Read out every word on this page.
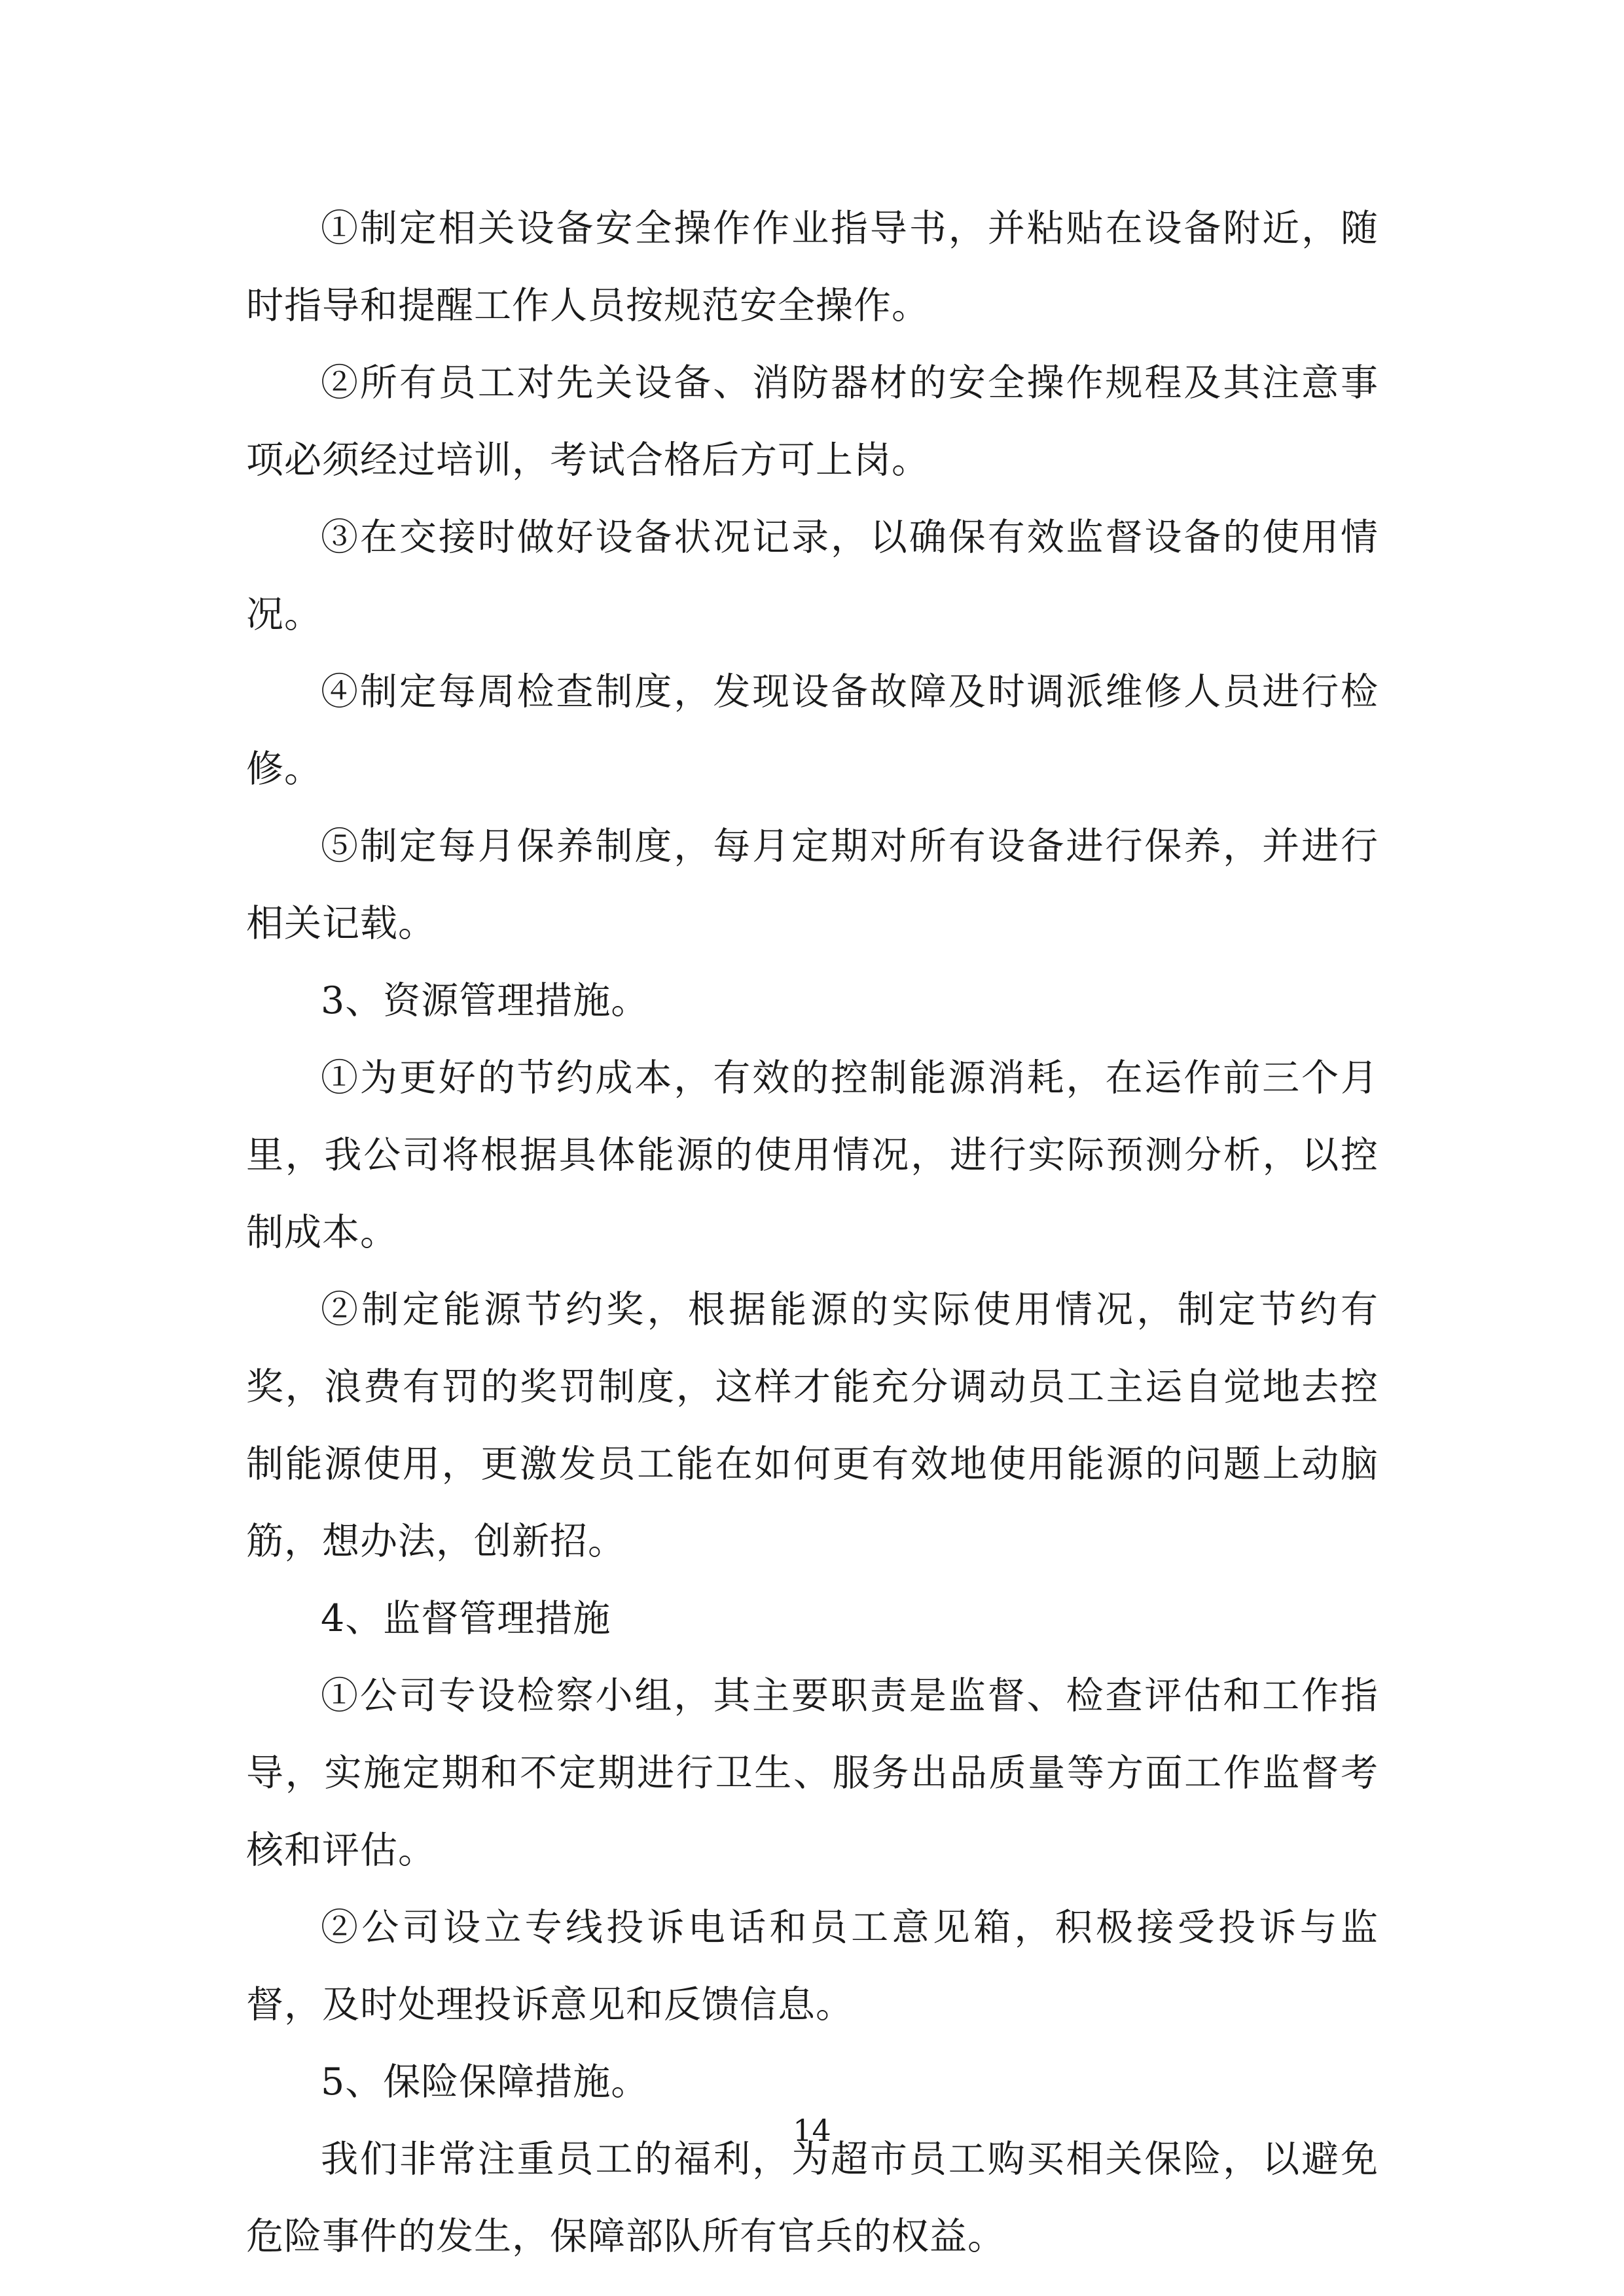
①制定相关设备安全操作作业指导书，并粘贴在设备附近，随时指导和提醒工作人员按规范安全操作。

②所有员工对先关设备、消防器材的安全操作规程及其注意事项必须经过培训，考试合格后方可上岗。

③在交接时做好设备状况记录，以确保有效监督设备的使用情况。

④制定每周检查制度，发现设备故障及时调派维修人员进行检修。

⑤制定每月保养制度，每月定期对所有设备进行保养，并进行相关记载。

3、资源管理措施。

①为更好的节约成本，有效的控制能源消耗，在运作前三个月里，我公司将根据具体能源的使用情况，进行实际预测分析，以控制成本。

②制定能源节约奖，根据能源的实际使用情况，制定节约有奖，浪费有罚的奖罚制度，这样才能充分调动员工主运自觉地去控制能源使用，更激发员工能在如何更有效地使用能源的问题上动脑筋，想办法，创新招。

4、监督管理措施

①公司专设检察小组，其主要职责是监督、检查评估和工作指导，实施定期和不定期进行卫生、服务出品质量等方面工作监督考核和评估。

②公司设立专线投诉电话和员工意见箱，积极接受投诉与监督，及时处理投诉意见和反馈信息。

5、保险保障措施。

我们非常注重员工的福利，为超市员工购买相关保险，以避免危险事件的发生，保障部队所有官兵的权益。

14
